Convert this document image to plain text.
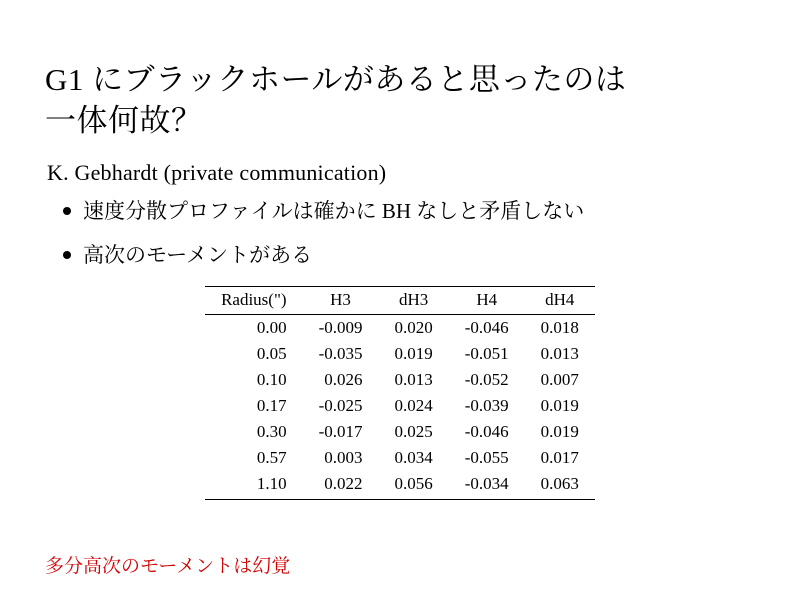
G1 にブラックホールがあると思ったのは
一体何故？
K. Gebhardt (private communication)
速度分散プロファイルは確かに BH なしと矛盾しない
高次のモーメントがある
Radius(")	H3	dH3	H4	dH4
0.00	-0.009	0.020	-0.046	0.018
0.05	-0.035	0.019	-0.051	0.013
0.10	0.026	0.013	-0.052	0.007
0.17	-0.025	0.024	-0.039	0.019
0.30	-0.017	0.025	-0.046	0.019
0.57	0.003	0.034	-0.055	0.017
1.10	0.022	0.056	-0.034	0.063
多分高次のモーメントは幻覚
